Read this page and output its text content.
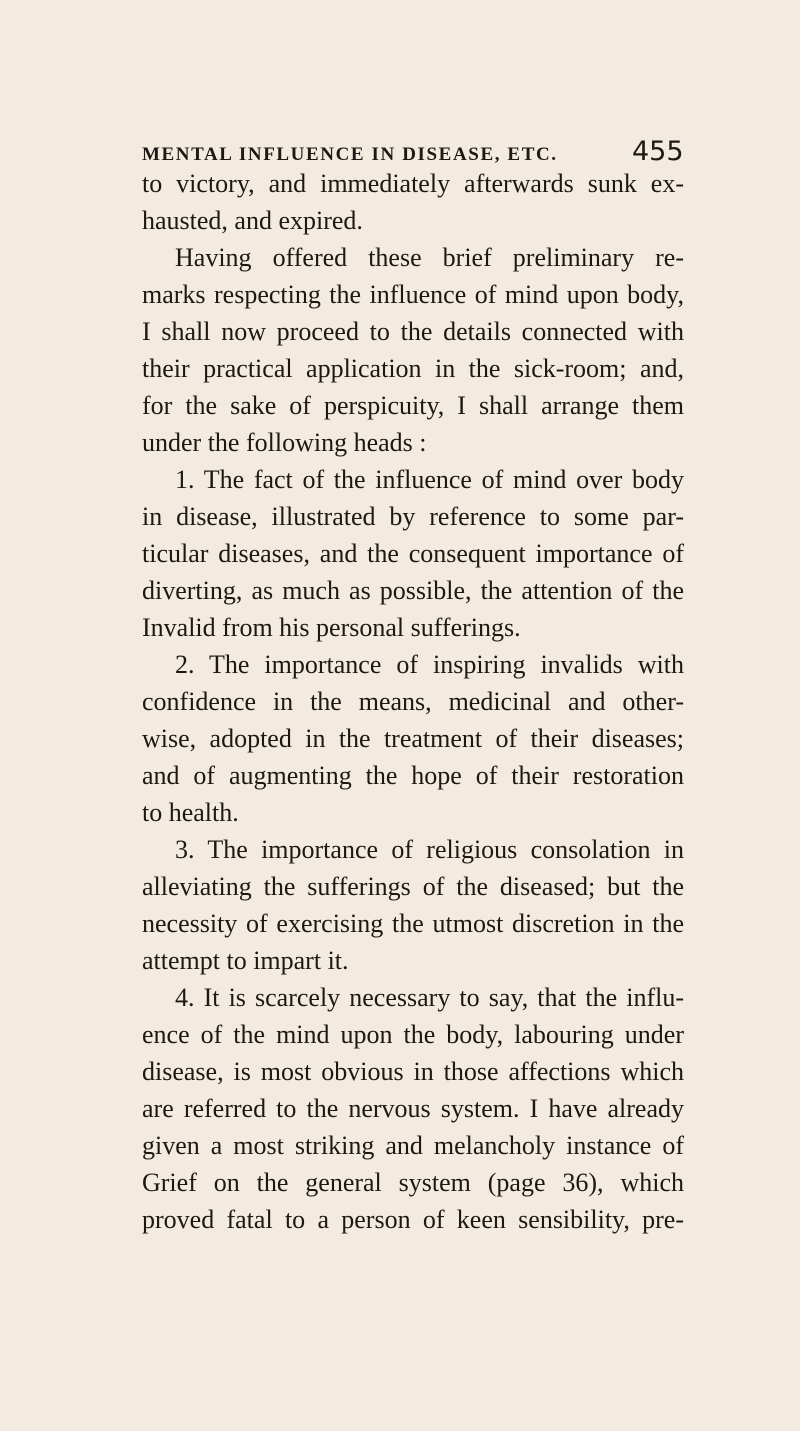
MENTAL INFLUENCE IN DISEASE, ETC.	455
to victory, and immediately afterwards sunk ex-
hausted, and expired.
Having offered these brief preliminary re-
marks respecting the influence of mind upon body,
I shall now proceed to the details connected with
their practical application in the sick-room; and,
for the sake of perspicuity, I shall arrange them
under the following heads :
1. The fact of the influence of mind over body
in disease, illustrated by reference to some par-
ticular diseases, and the consequent importance of
diverting, as much as possible, the attention of the
Invalid from his personal sufferings.
2. The importance of inspiring invalids with
confidence in the means, medicinal and other-
wise, adopted in the treatment of their diseases;
and of augmenting the hope of their restoration
to health.
3. The importance of religious consolation in
alleviating the sufferings of the diseased; but the
necessity of exercising the utmost discretion in the
attempt to impart it.
4. It is scarcely necessary to say, that the influ-
ence of the mind upon the body, labouring under
disease, is most obvious in those affections which
are referred to the nervous system. I have already
given a most striking and melancholy instance of
Grief on the general system (page 36), which
proved fatal to a person of keen sensibility, pre-
